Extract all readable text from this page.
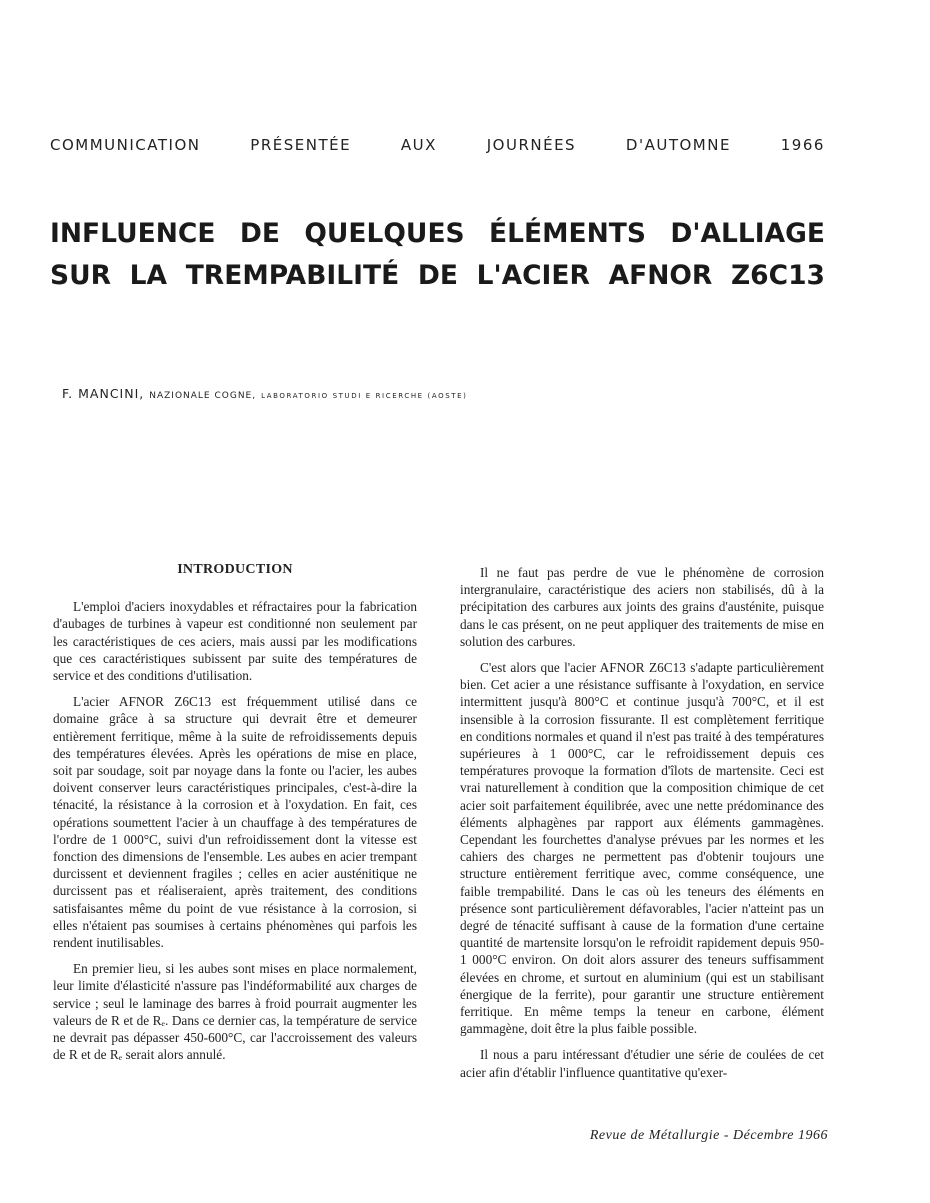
COMMUNICATION	PRÉSENTÉE	AUX	JOURNÉES	D'AUTOMNE	1966
INFLUENCE DE QUELQUES ÉLÉMENTS D'ALLIAGE
SUR LA TREMPABILITÉ DE L'ACIER AFNOR Z6C13
F. MANCINI, NAZIONALE COGNE, LABORATORIO STUDI E RICERCHE (AOSTE)
INTRODUCTION

L'emploi d'aciers inoxydables et réfractaires pour la fabrication d'aubages de turbines à vapeur est conditionné non seulement par les caractéristiques de ces aciers, mais aussi par les modifications que ces caractéristiques subissent par suite des températures de service et des conditions d'utilisation.

L'acier AFNOR Z6C13 est fréquemment utilisé dans ce domaine grâce à sa structure qui devrait être et demeurer entièrement ferritique, même à la suite de refroidissements depuis des températures élevées. Après les opérations de mise en place, soit par soudage, soit par noyage dans la fonte ou l'acier, les aubes doivent conserver leurs caractéristiques principales, c'est-à-dire la ténacité, la résistance à la corrosion et à l'oxydation. En fait, ces opérations soumettent l'acier à un chauffage à des températures de l'ordre de 1 000°C, suivi d'un refroidissement dont la vitesse est fonction des dimensions de l'ensemble. Les aubes en acier trempant durcissent et deviennent fragiles ; celles en acier austénitique ne durcissent pas et réaliseraient, après traitement, des conditions satisfaisantes même du point de vue résistance à la corrosion, si elles n'étaient pas soumises à certains phénomènes qui parfois les rendent inutilisables.

En premier lieu, si les aubes sont mises en place normalement, leur limite d'élasticité n'assure pas l'indéformabilité aux charges de service ; seul le laminage des barres à froid pourrait augmenter les valeurs de R et de Rₑ. Dans ce dernier cas, la température de service ne devrait pas dépasser 450-600°C, car l'accroissement des valeurs de R et de Rₑ serait alors annulé.

Il ne faut pas perdre de vue le phénomène de corrosion intergranulaire, caractéristique des aciers non stabilisés, dû à la précipitation des carbures aux joints des grains d'austénite, puisque dans le cas présent, on ne peut appliquer des traitements de mise en solution des carbures.

C'est alors que l'acier AFNOR Z6C13 s'adapte particulièrement bien. Cet acier a une résistance suffisante à l'oxydation, en service intermittent jusqu'à 800°C et continue jusqu'à 700°C, et il est insensible à la corrosion fissurante. Il est complètement ferritique en conditions normales et quand il n'est pas traité à des températures supérieures à 1 000°C, car le refroidissement depuis ces températures provoque la formation d'îlots de martensite. Ceci est vrai naturellement à condition que la composition chimique de cet acier soit parfaitement équilibrée, avec une nette prédominance des éléments alphagènes par rapport aux éléments gammagènes. Cependant les fourchettes d'analyse prévues par les normes et les cahiers des charges ne permettent pas d'obtenir toujours une structure entièrement ferritique avec, comme conséquence, une faible trempabilité. Dans le cas où les teneurs des éléments en présence sont particulièrement défavorables, l'acier n'atteint pas un degré de ténacité suffisant à cause de la formation d'une certaine quantité de martensite lorsqu'on le refroidit rapidement depuis 950-1 000°C environ. On doit alors assurer des teneurs suffisamment élevées en chrome, et surtout en aluminium (qui est un stabilisant énergique de la ferrite), pour garantir une structure entièrement ferritique. En même temps la teneur en carbone, élément gammagène, doit être la plus faible possible.

Il nous a paru intéressant d'étudier une série de coulées de cet acier afin d'établir l'influence quantitative qu'exer-

Revue de Métallurgie - Décembre 1966
